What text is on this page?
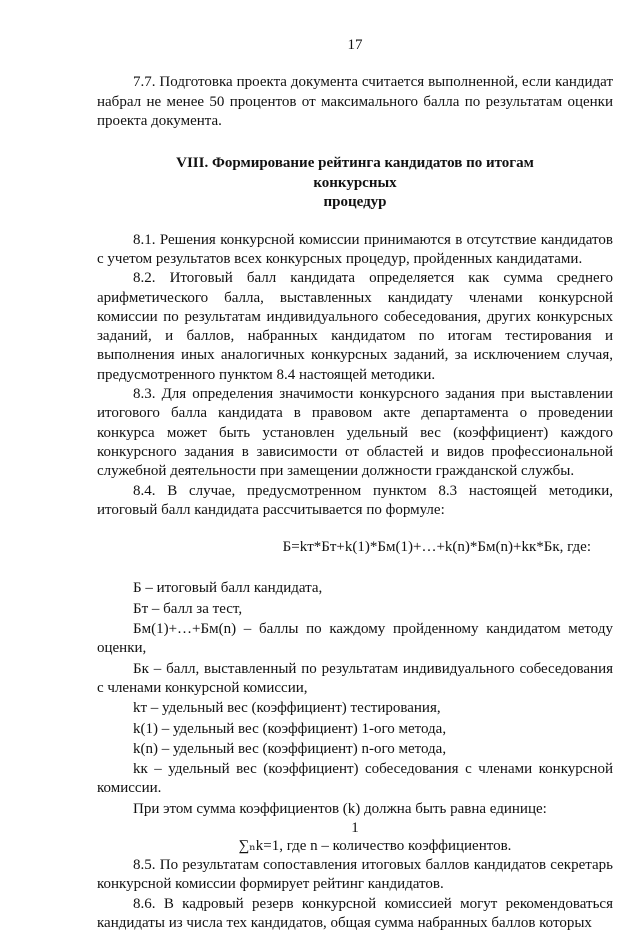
17

7.7. Подготовка проекта документа считается выполненной, если кандидат набрал не менее 50 процентов от максимального балла по результатам оценки проекта документа.

VIII. Формирование рейтинга кандидатов по итогам конкурсных
процедур

8.1. Решения конкурсной комиссии принимаются в отсутствие кандидатов с учетом результатов всех конкурсных процедур, пройденных кандидатами.

8.2. Итоговый балл кандидата определяется как сумма среднего арифметического балла, выставленных кандидату членами конкурсной комиссии по результатам индивидуального собеседования, других конкурсных заданий, и баллов, набранных кандидатом по итогам тестирования и выполнения иных аналогичных конкурсных заданий, за исключением случая, предусмотренного пунктом 8.4 настоящей методики.

8.3. Для определения значимости конкурсного задания при выставлении итогового балла кандидата в правовом акте департамента о проведении конкурса может быть установлен удельный вес (коэффициент) каждого конкурсного задания в зависимости от областей и видов профессиональной служебной деятельности при замещении должности гражданской службы.

8.4. В случае, предусмотренном пунктом 8.3 настоящей методики, итоговый балл кандидата рассчитывается по формуле:

Б=kт*Бт+k(1)*Бм(1)+…+k(n)*Бм(n)+kк*Бк, где:

Б – итоговый балл кандидата,

Бт – балл за тест,

Бм(1)+…+Бм(n) – баллы по каждому пройденному кандидатом методу оценки,

Бк – балл, выставленный по результатам индивидуального собеседования с членами конкурсной комиссии,

kт – удельный вес (коэффициент) тестирования,

k(1) – удельный вес (коэффициент) 1-ого метода,

k(n) – удельный вес (коэффициент) n-ого метода,

kк – удельный вес (коэффициент) собеседования с членами конкурсной комиссии.

При этом сумма коэффициентов (k) должна быть равна единице:

1
∑ₙk=1, где n – количество коэффициентов.

8.5. По результатам сопоставления итоговых баллов кандидатов секретарь конкурсной комиссии формирует рейтинг кандидатов.

8.6. В кадровый резерв конкурсной комиссией могут рекомендоваться кандидаты из числа тех кандидатов, общая сумма набранных баллов которых
